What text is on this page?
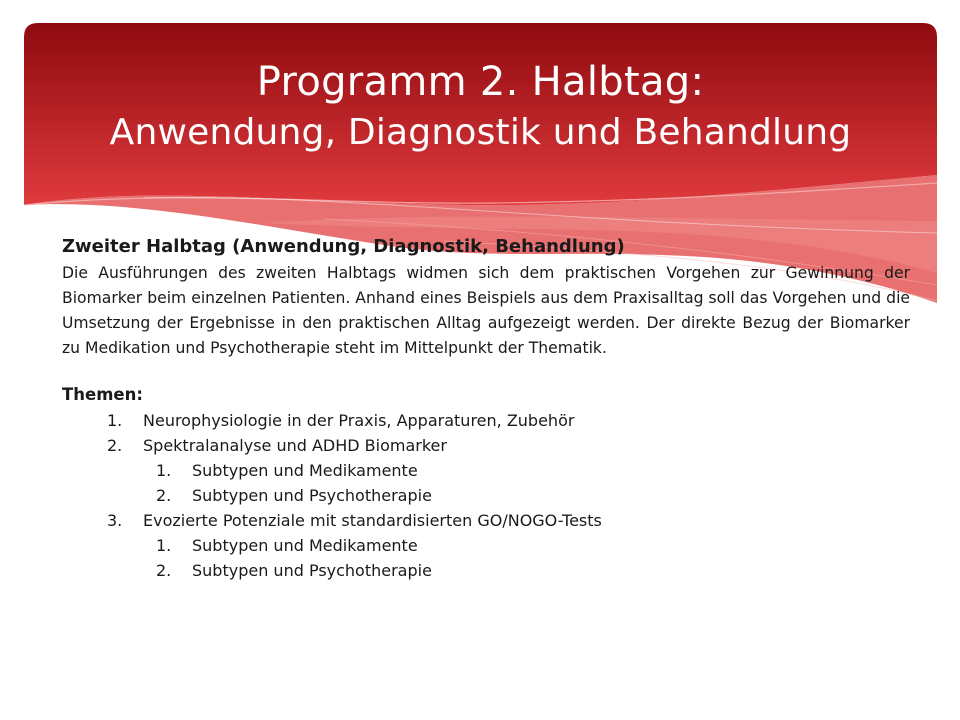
Programm 2. Halbtag:
Anwendung, Diagnostik und Behandlung
Zweiter Halbtag (Anwendung, Diagnostik, Behandlung)

Die Ausführungen des zweiten Halbtags widmen sich dem praktischen Vorgehen zur Gewinnung der Biomarker beim einzelnen Patienten. Anhand eines Beispiels aus dem Praxisalltag soll das Vorgehen und die Umsetzung der Ergebnisse in den praktischen Alltag aufgezeigt werden. Der direkte Bezug der Biomarker zu Medikation und Psychotherapie steht im Mittelpunkt der Thematik.

Themen:
1. Neurophysiologie in der Praxis, Apparaturen, Zubehör
2. Spektralanalyse und ADHD Biomarker
1. Subtypen und Medikamente
2. Subtypen und Psychotherapie
3. Evozierte Potenziale mit standardisierten GO/NOGO-Tests
1. Subtypen und Medikamente
2. Subtypen und Psychotherapie
